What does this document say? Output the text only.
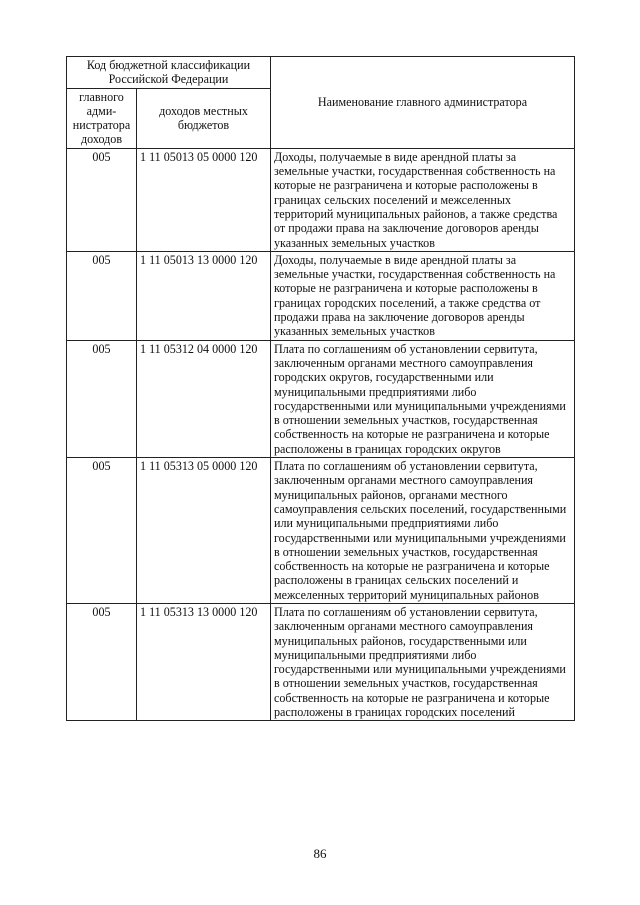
Код бюджетной классификации Российской Федерации		Наименование главного администратора
главного адми-нистратора доходов	доходов местных бюджетов	
005	1 11 05013 05 0000 120	Доходы, получаемые в виде арендной платы за земельные участки, государственная собственность на которые не разграничена и которые расположены в границах сельских поселений и межселенных территорий муниципальных районов, а также средства от продажи права на заключение договоров аренды указанных земельных участков
005	1 11 05013 13 0000 120	Доходы, получаемые в виде арендной платы за земельные участки, государственная собственность на которые не разграничена и которые расположены в границах городских поселений, а также средства от продажи права на заключение договоров аренды указанных земельных участков
005	1 11 05312 04 0000 120	Плата по соглашениям об установлении сервитута, заключенным органами местного самоуправления городских округов, государственными или муниципальными предприятиями либо государственными или муниципальными учреждениями в отношении земельных участков, государственная собственность на которые не разграничена и которые расположены в границах городских округов
005	1 11 05313 05 0000 120	Плата по соглашениям об установлении сервитута, заключенным органами местного самоуправления муниципальных районов, органами местного самоуправления сельских поселений, государственными или муниципальными предприятиями либо государственными или муниципальными учреждениями в отношении земельных участков, государственная собственность на которые не разграничена и которые расположены в границах сельских поселений и межселенных территорий муниципальных районов
005	1 11 05313 13 0000 120	Плата по соглашениям об установлении сервитута, заключенным органами местного самоуправления муниципальных районов, государственными или муниципальными предприятиями либо государственными или муниципальными учреждениями в отношении земельных участков, государственная собственность на которые не разграничена и которые расположены в границах городских поселений
86
